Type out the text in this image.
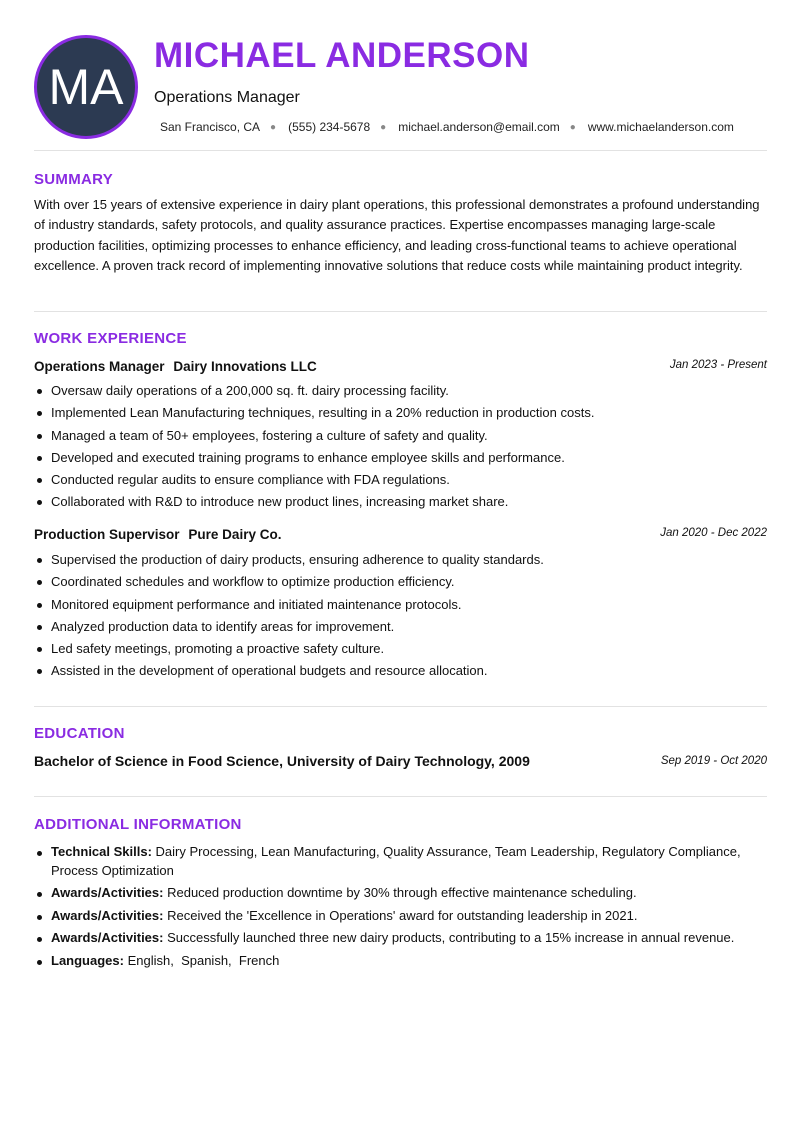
MA
MICHAEL ANDERSON
Operations Manager
San Francisco, CA ● (555) 234-5678 ● michael.anderson@email.com ● www.michaelanderson.com
SUMMARY
With over 15 years of extensive experience in dairy plant operations, this professional demonstrates a profound understanding of industry standards, safety protocols, and quality assurance practices. Expertise encompasses managing large-scale production facilities, optimizing processes to enhance efficiency, and leading cross-functional teams to achieve operational excellence. A proven track record of implementing innovative solutions that reduce costs while maintaining product integrity.
WORK EXPERIENCE
Operations Manager Dairy Innovations LLC	Jan 2023 - Present
Oversaw daily operations of a 200,000 sq. ft. dairy processing facility.
Implemented Lean Manufacturing techniques, resulting in a 20% reduction in production costs.
Managed a team of 50+ employees, fostering a culture of safety and quality.
Developed and executed training programs to enhance employee skills and performance.
Conducted regular audits to ensure compliance with FDA regulations.
Collaborated with R&D to introduce new product lines, increasing market share.
Production Supervisor Pure Dairy Co.	Jan 2020 - Dec 2022
Supervised the production of dairy products, ensuring adherence to quality standards.
Coordinated schedules and workflow to optimize production efficiency.
Monitored equipment performance and initiated maintenance protocols.
Analyzed production data to identify areas for improvement.
Led safety meetings, promoting a proactive safety culture.
Assisted in the development of operational budgets and resource allocation.
EDUCATION
Bachelor of Science in Food Science, University of Dairy Technology, 2009	Sep 2019 - Oct 2020
ADDITIONAL INFORMATION
Technical Skills: Dairy Processing, Lean Manufacturing, Quality Assurance, Team Leadership, Regulatory Compliance, Process Optimization
Awards/Activities: Reduced production downtime by 30% through effective maintenance scheduling.
Awards/Activities: Received the 'Excellence in Operations' award for outstanding leadership in 2021.
Awards/Activities: Successfully launched three new dairy products, contributing to a 15% increase in annual revenue.
Languages: English,  Spanish,  French
